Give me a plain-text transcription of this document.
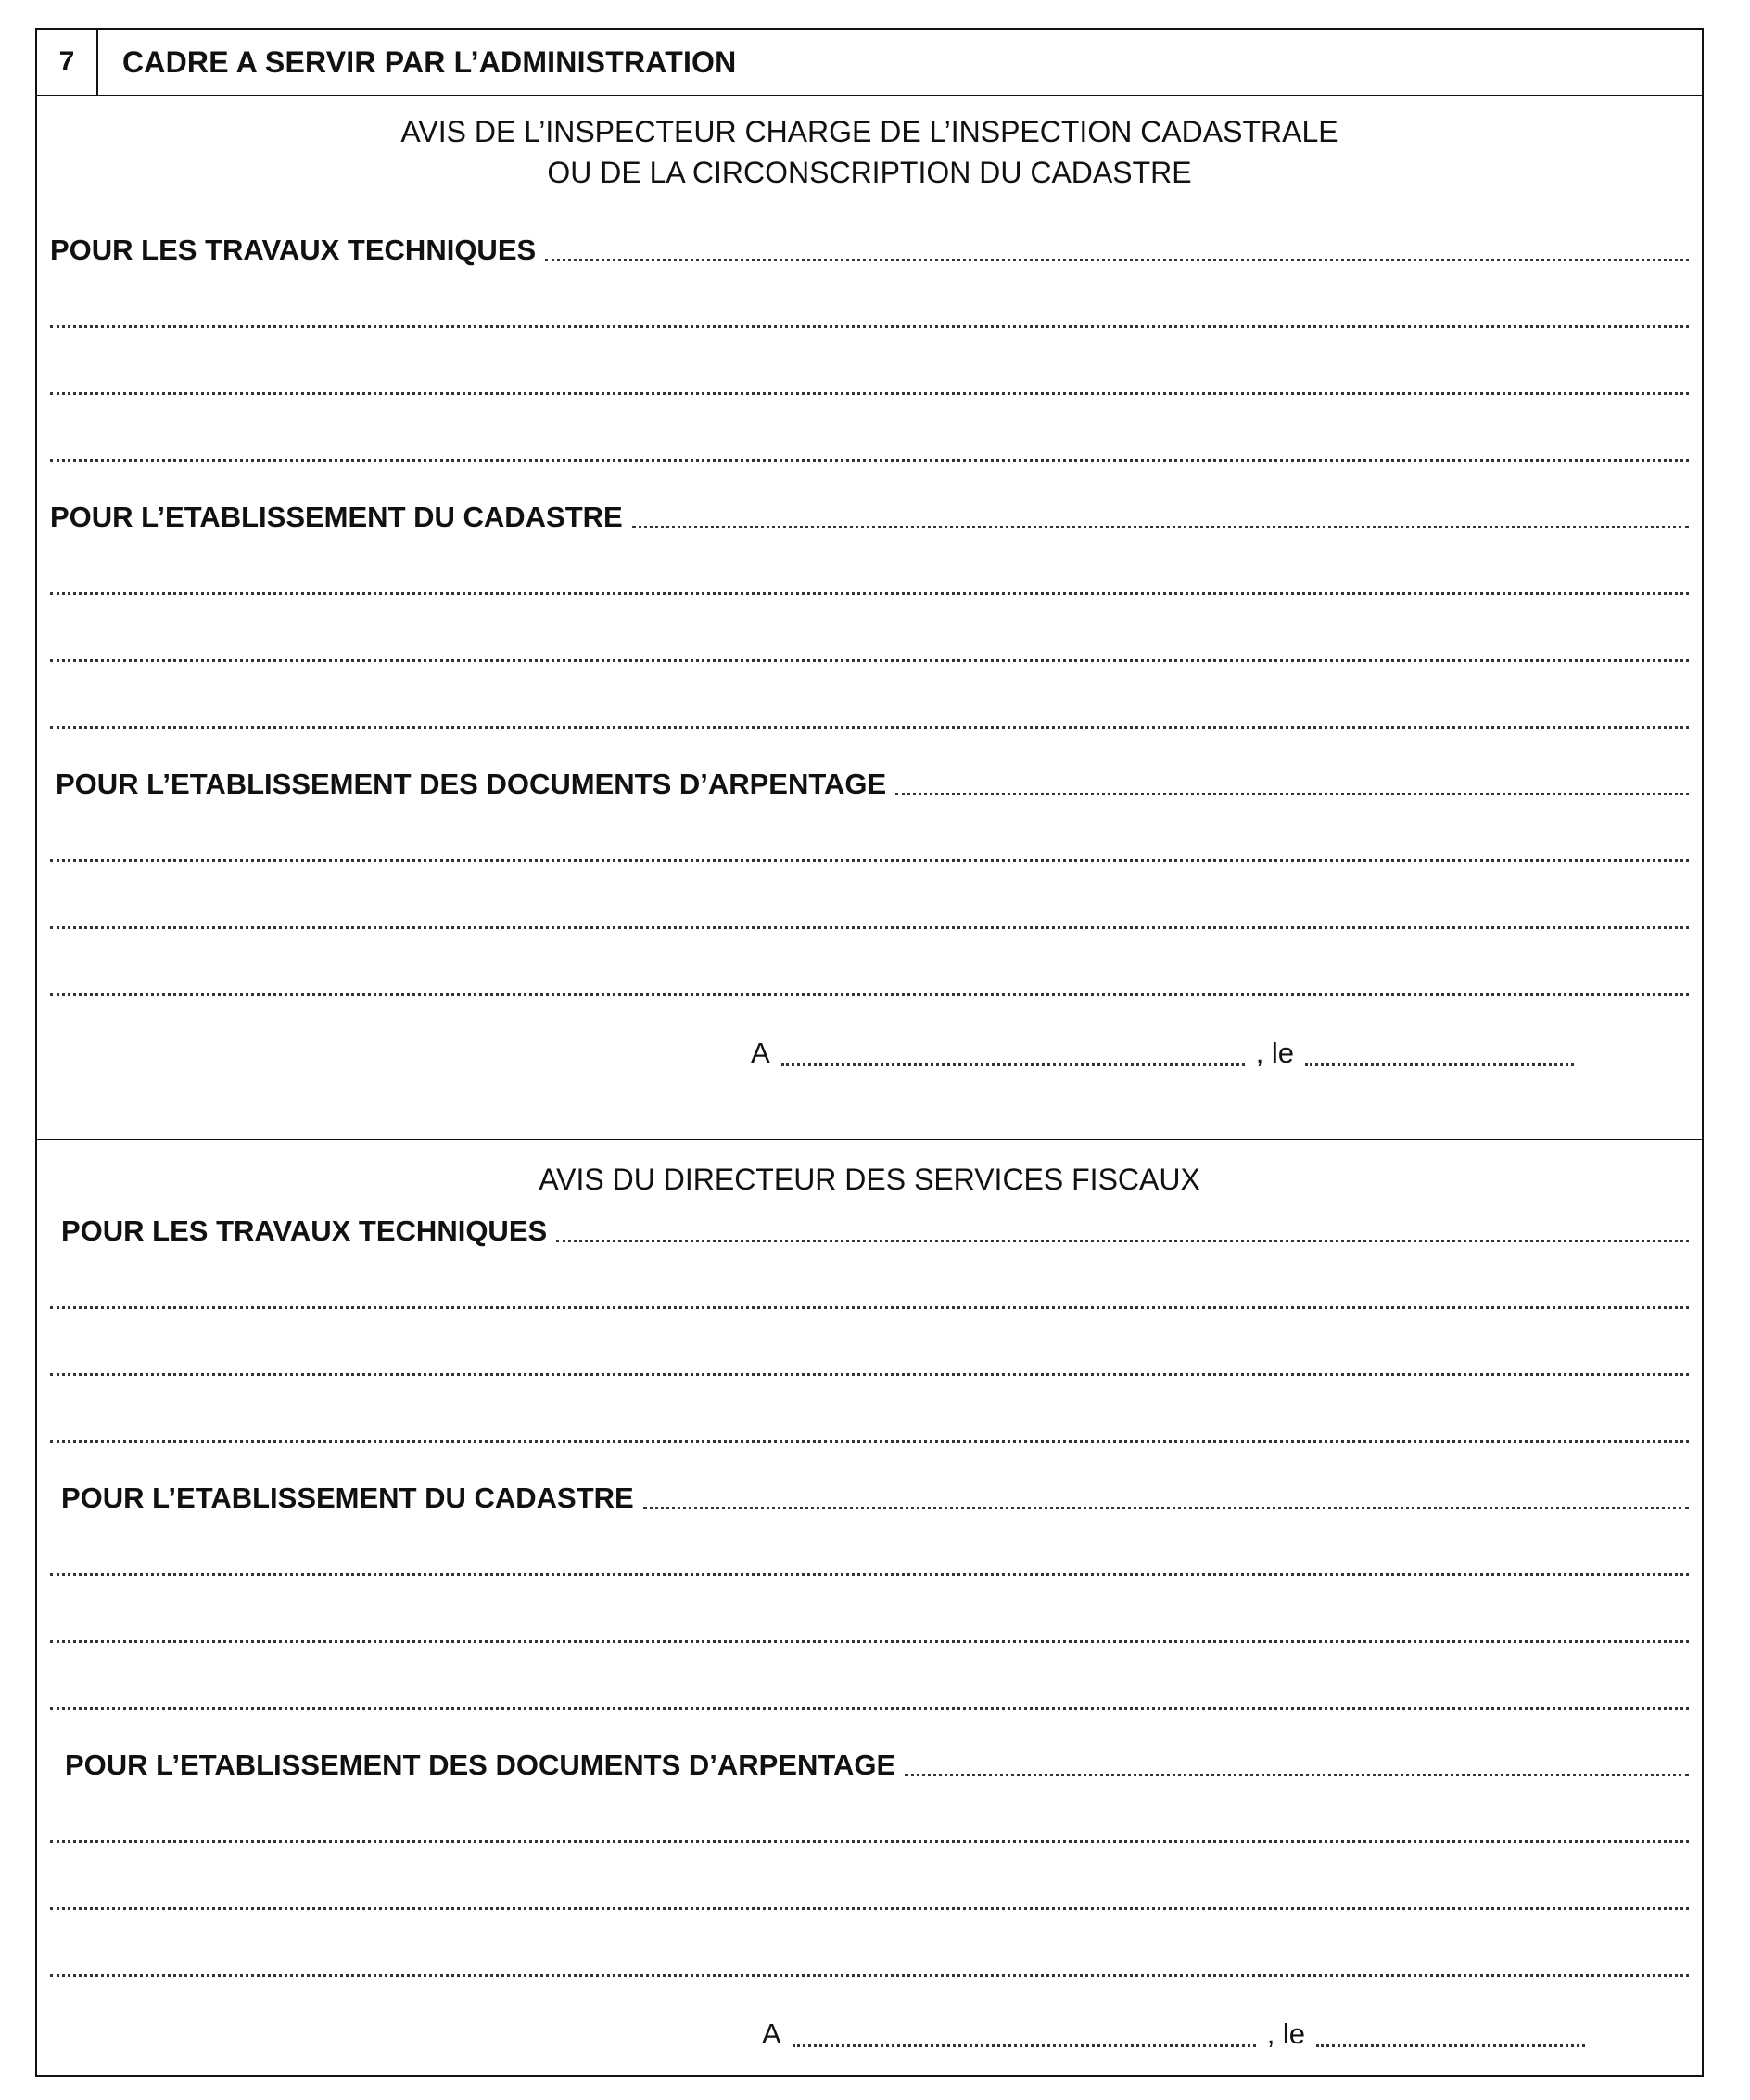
7	CADRE A SERVIR PAR L’ADMINISTRATION
AVIS DE L’INSPECTEUR CHARGE DE L’INSPECTION CADASTRALE
OU DE LA CIRCONSCRIPTION DU CADASTRE
POUR LES TRAVAUX TECHNIQUES
POUR L’ETABLISSEMENT DU CADASTRE
POUR L’ETABLISSEMENT DES DOCUMENTS D’ARPENTAGE
A	, le
AVIS DU DIRECTEUR DES SERVICES FISCAUX
POUR LES TRAVAUX TECHNIQUES
POUR L’ETABLISSEMENT DU CADASTRE
POUR L’ETABLISSEMENT DES DOCUMENTS D’ARPENTAGE
A	, le
